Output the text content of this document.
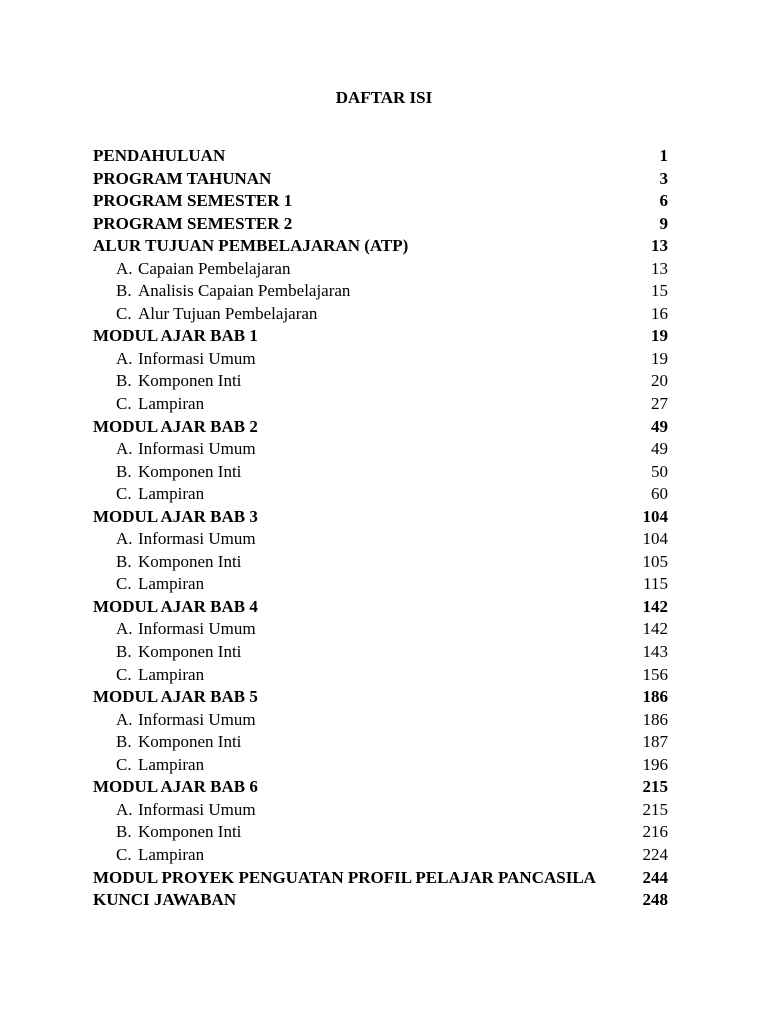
DAFTAR ISI
PENDAHULUAN	1
PROGRAM TAHUNAN	3
PROGRAM SEMESTER 1	6
PROGRAM SEMESTER 2	9
ALUR TUJUAN PEMBELAJARAN (ATP)	13
A. Capaian Pembelajaran	13
B. Analisis Capaian Pembelajaran	15
C. Alur Tujuan Pembelajaran	16
MODUL AJAR BAB 1	19
A. Informasi Umum	19
B. Komponen Inti	20
C. Lampiran	27
MODUL AJAR BAB 2	49
A. Informasi Umum	49
B. Komponen Inti	50
C. Lampiran	60
MODUL AJAR BAB 3	104
A. Informasi Umum	104
B. Komponen Inti	105
C. Lampiran	115
MODUL AJAR BAB 4	142
A. Informasi Umum	142
B. Komponen Inti	143
C. Lampiran	156
MODUL AJAR BAB 5	186
A. Informasi Umum	186
B. Komponen Inti	187
C. Lampiran	196
MODUL AJAR BAB 6	215
A. Informasi Umum	215
B. Komponen Inti	216
C. Lampiran	224
MODUL PROYEK PENGUATAN PROFIL PELAJAR PANCASILA	244
KUNCI JAWABAN	248
